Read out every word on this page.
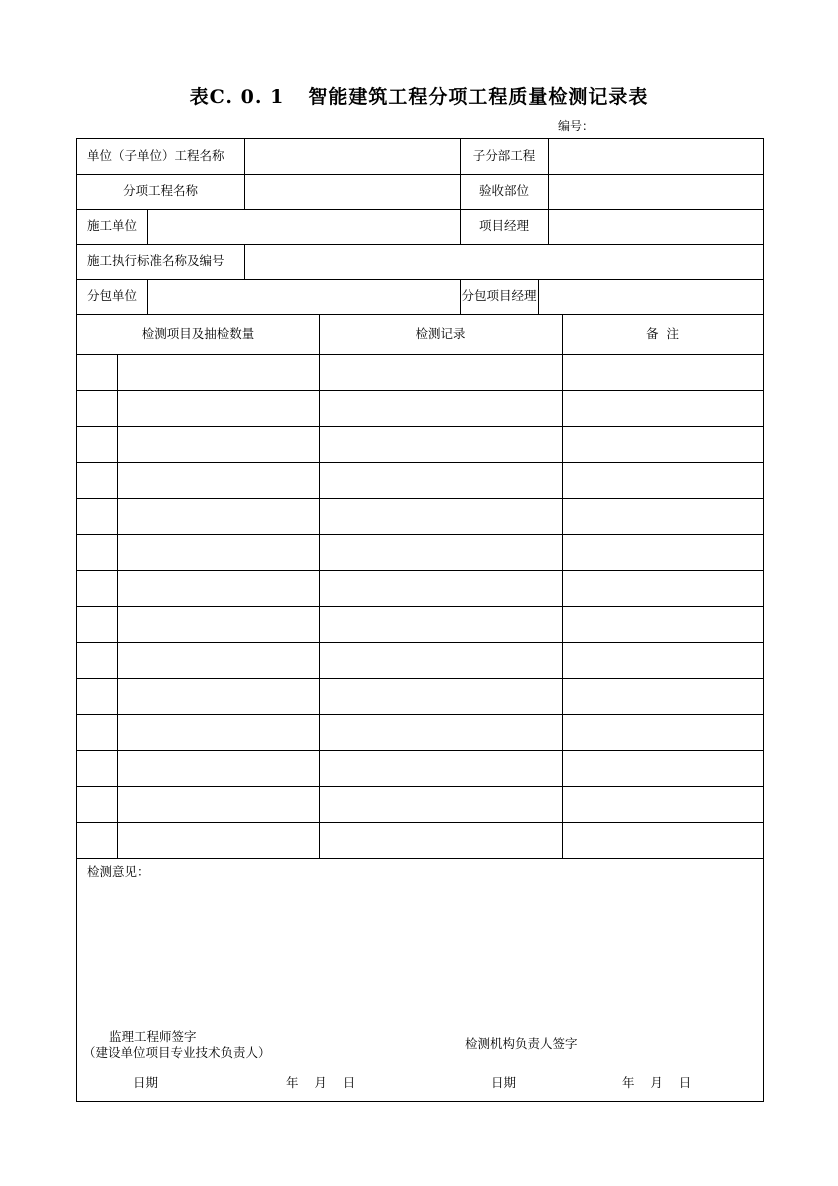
表C. 0. 1 智能建筑工程分项工程质量检测记录表
编号：
单位（子单位）工程名称	子分部工程
分项工程名称	验收部位
施工单位	项目经理
施工执行标准名称及编号
分包单位	分包项目经理
检测项目及抽检数量	检测记录	备  注
检测意见：
监理工程师签字
（建设单位项目专业技术负责人）
检测机构负责人签字
日期	年    月    日	日期	年    月    日
